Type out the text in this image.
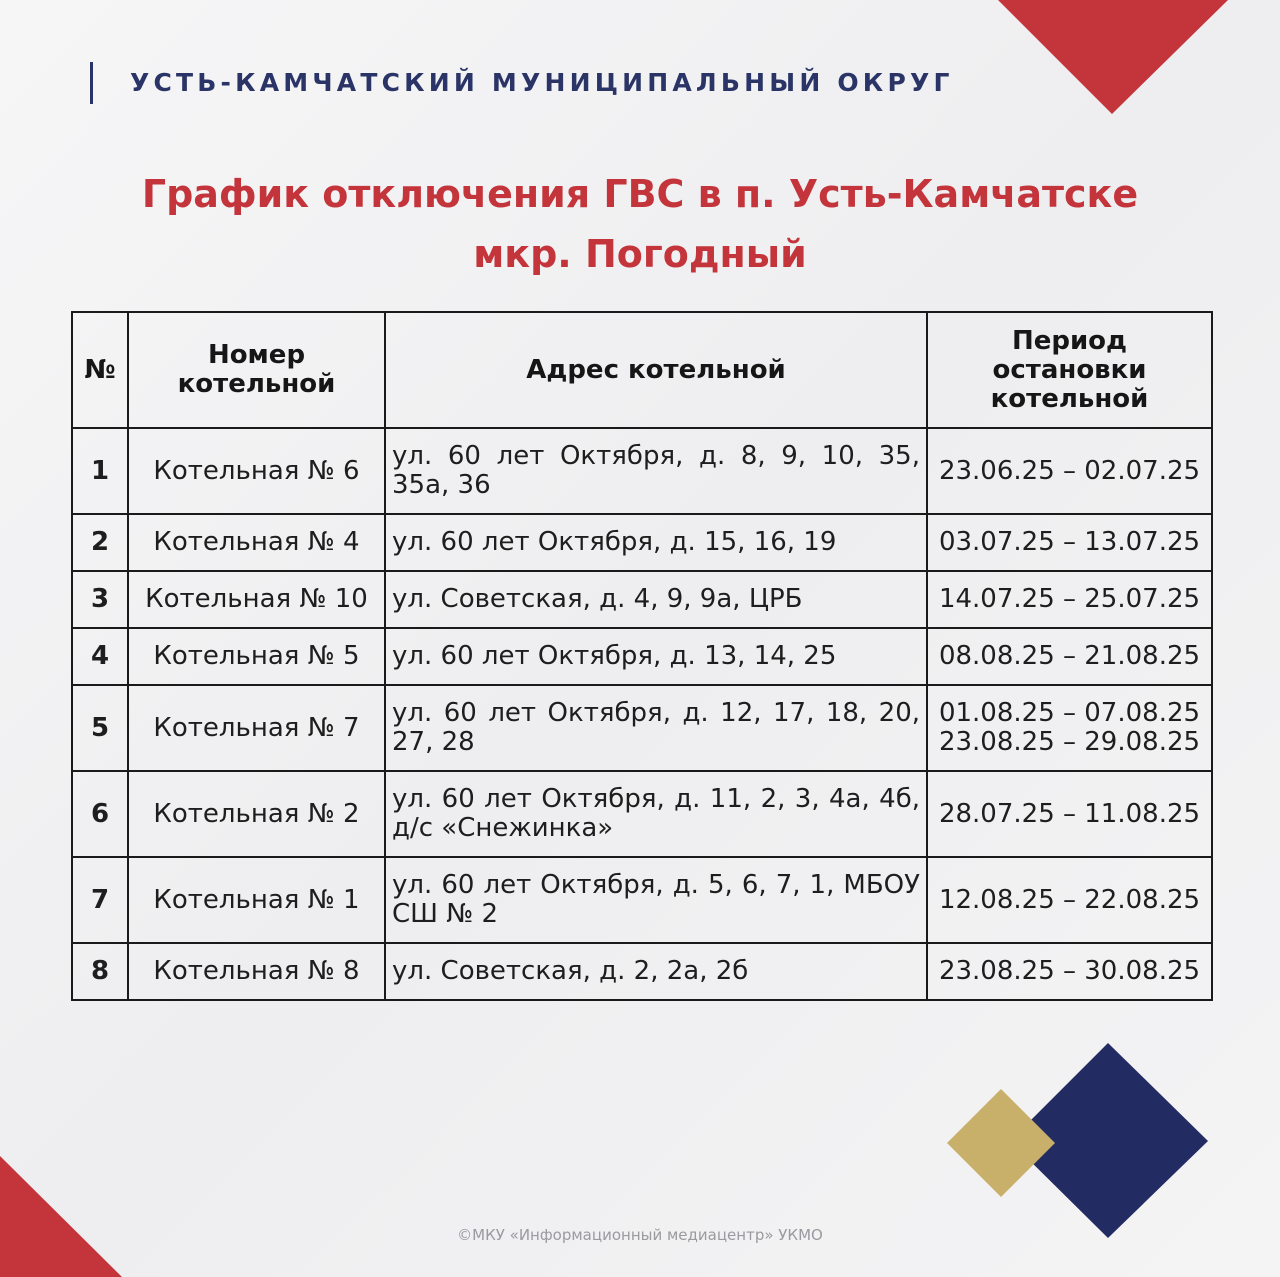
УСТЬ-КАМЧАТСКИЙ МУНИЦИПАЛЬНЫЙ ОКРУГ
График отключения ГВС в п. Усть-Камчатске
мкр. Погодный
№	Номер котельной	Адрес котельной	Период остановки котельной
1	Котельная № 6	ул. 60 лет Октября, д. 8, 9, 10, 35, 35а, 36	23.06.25 – 02.07.25

2	Котельная № 4	ул. 60 лет Октября, д. 15, 16, 19	03.07.25 – 13.07.25

3	Котельная № 10	ул. Советская, д. 4, 9, 9а, ЦРБ	14.07.25 – 25.07.25

4	Котельная № 5	ул. 60 лет Октября, д. 13, 14, 25	08.08.25 – 21.08.25

5	Котельная № 7	ул. 60 лет Октября, д. 12, 17, 18, 20, 27, 28	01.08.25 – 07.08.25
23.08.25 – 29.08.25

6	Котельная № 2	ул. 60 лет Октября, д. 11, 2, 3, 4а, 4б, д/с «Снежинка»	28.07.25 – 11.08.25

7	Котельная № 1	ул. 60 лет Октября, д. 5, 6, 7, 1, МБОУ СШ № 2	12.08.25 – 22.08.25

8	Котельная № 8	ул. Советская, д. 2, 2а, 2б	23.08.25 – 30.08.25
©МКУ «Информационный медиацентр» УКМО
